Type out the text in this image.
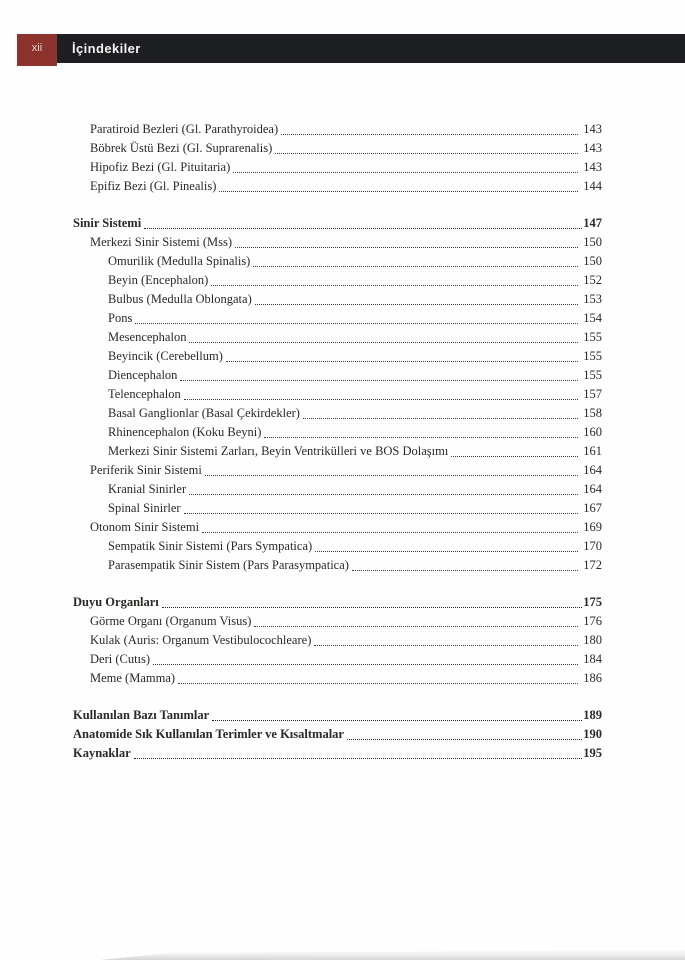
İçindekiler
xii
Paratiroid Bezleri (Gl. Parathyroidea)	143
Böbrek Üstü Bezi (Gl. Suprarenalis)	143
Hipofiz Bezi (Gl. Pituitaria)	143
Epifiz Bezi (Gl. Pinealis)	144
Sinir Sistemi	147
Merkezi Sinir Sistemi (Mss)	150
Omurilik (Medulla Spinalis)	150
Beyin (Encephalon)	152
Bulbus (Medulla Oblongata)	153
Pons	154
Mesencephalon	155
Beyincik (Cerebellum)	155
Diencephalon	155
Telencephalon	157
Basal Ganglionlar (Basal Çekirdekler)	158
Rhinencephalon (Koku Beyni)	160
Merkezi Sinir Sistemi Zarları, Beyin Ventrikülleri ve BOS Dolaşımı	161
Periferik Sinir Sistemi	164
Kranial Sinirler	164
Spinal Sinirler	167
Otonom Sinir Sistemi	169
Sempatik Sinir Sistemi (Pars Sympatica)	170
Parasempatik Sinir Sistem (Pars Parasympatica)	172
Duyu Organları	175
Görme Organı (Organum Visus)	176
Kulak (Auris: Organum Vestibulocochleare)	180
Deri (Cutıs)	184
Meme (Mamma)	186
Kullanılan Bazı Tanımlar	189
Anatomide Sık Kullanılan Terimler ve Kısaltmalar	190
Kaynaklar	195
